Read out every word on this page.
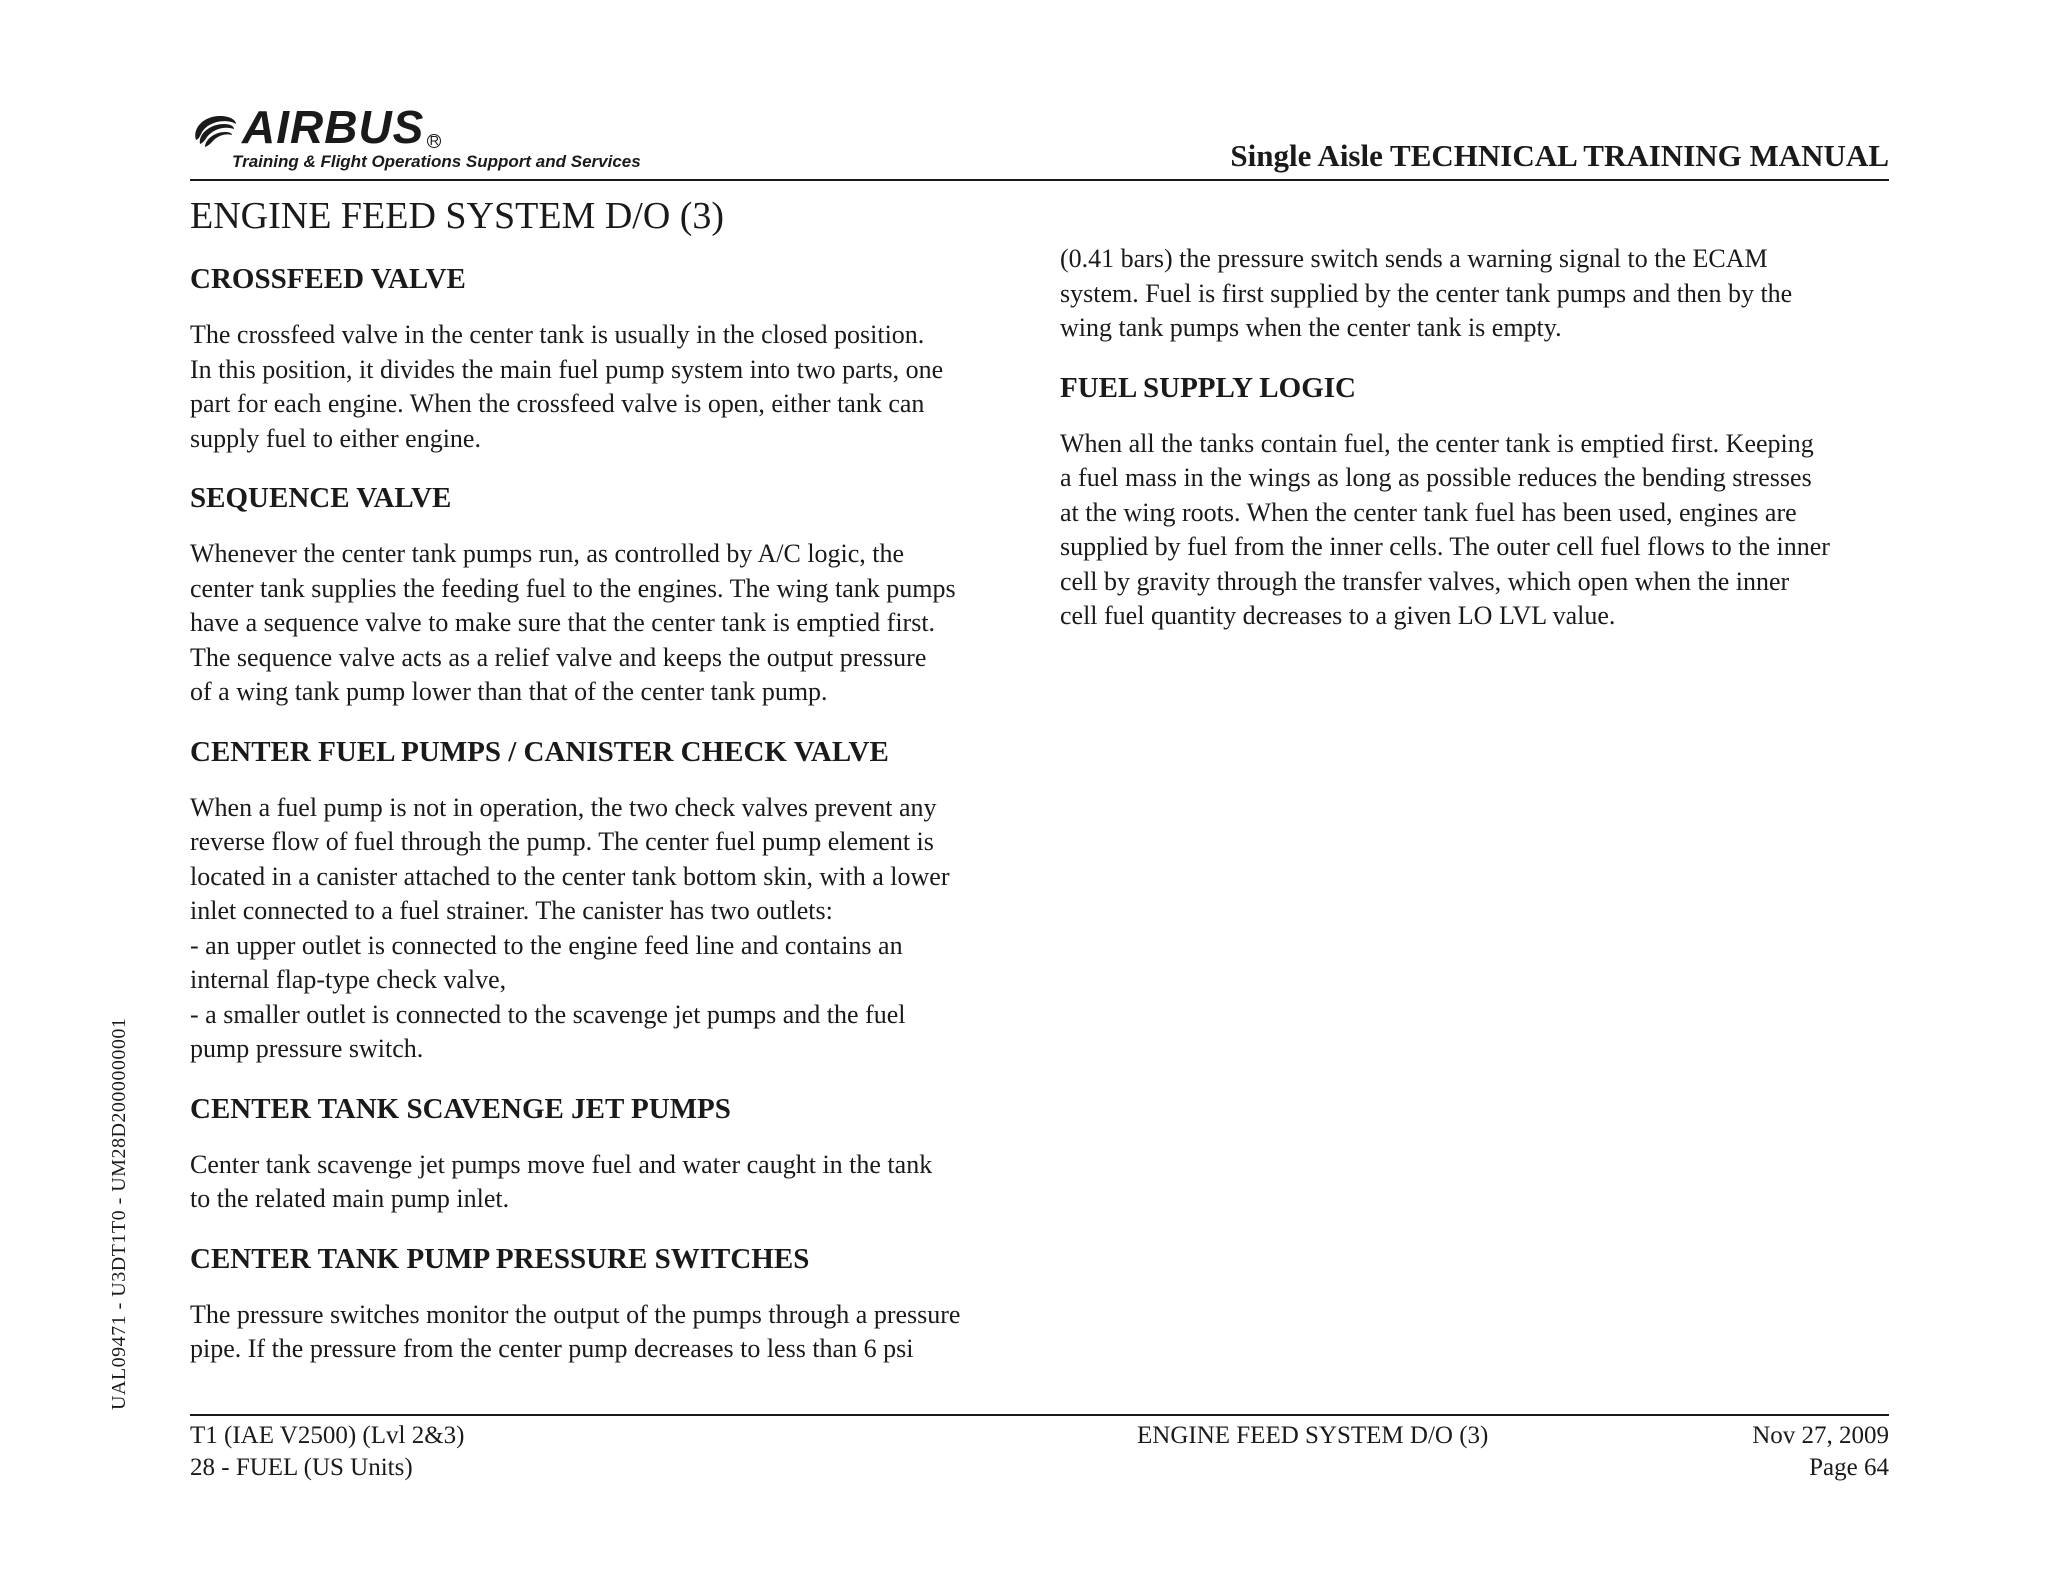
AIRBUS R
Training & Flight Operations Support and Services	Single Aisle TECHNICAL TRAINING MANUAL
ENGINE FEED SYSTEM D/O (3)
CROSSFEED VALVE
The crossfeed valve in the center tank is usually in the closed position.
In this position, it divides the main fuel pump system into two parts, one
part for each engine. When the crossfeed valve is open, either tank can
supply fuel to either engine.
SEQUENCE VALVE
Whenever the center tank pumps run, as controlled by A/C logic, the
center tank supplies the feeding fuel to the engines. The wing tank pumps
have a sequence valve to make sure that the center tank is emptied first.
The sequence valve acts as a relief valve and keeps the output pressure
of a wing tank pump lower than that of the center tank pump.
CENTER FUEL PUMPS / CANISTER CHECK VALVE
When a fuel pump is not in operation, the two check valves prevent any
reverse flow of fuel through the pump. The center fuel pump element is
located in a canister attached to the center tank bottom skin, with a lower
inlet connected to a fuel strainer. The canister has two outlets:
- an upper outlet is connected to the engine feed line and contains an
internal flap-type check valve,
- a smaller outlet is connected to the scavenge jet pumps and the fuel
pump pressure switch.
CENTER TANK SCAVENGE JET PUMPS
Center tank scavenge jet pumps move fuel and water caught in the tank
to the related main pump inlet.
CENTER TANK PUMP PRESSURE SWITCHES
The pressure switches monitor the output of the pumps through a pressure
pipe. If the pressure from the center pump decreases to less than 6 psi
(0.41 bars) the pressure switch sends a warning signal to the ECAM
system. Fuel is first supplied by the center tank pumps and then by the
wing tank pumps when the center tank is empty.
FUEL SUPPLY LOGIC
When all the tanks contain fuel, the center tank is emptied first. Keeping
a fuel mass in the wings as long as possible reduces the bending stresses
at the wing roots. When the center tank fuel has been used, engines are
supplied by fuel from the inner cells. The outer cell fuel flows to the inner
cell by gravity through the transfer valves, which open when the inner
cell fuel quantity decreases to a given LO LVL value.
UAL09471 - U3DT1T0 - UM28D2000000001
T1 (IAE V2500) (Lvl 2&3)
28 - FUEL (US Units)
ENGINE FEED SYSTEM D/O (3)	Nov 27, 2009
Page 64
